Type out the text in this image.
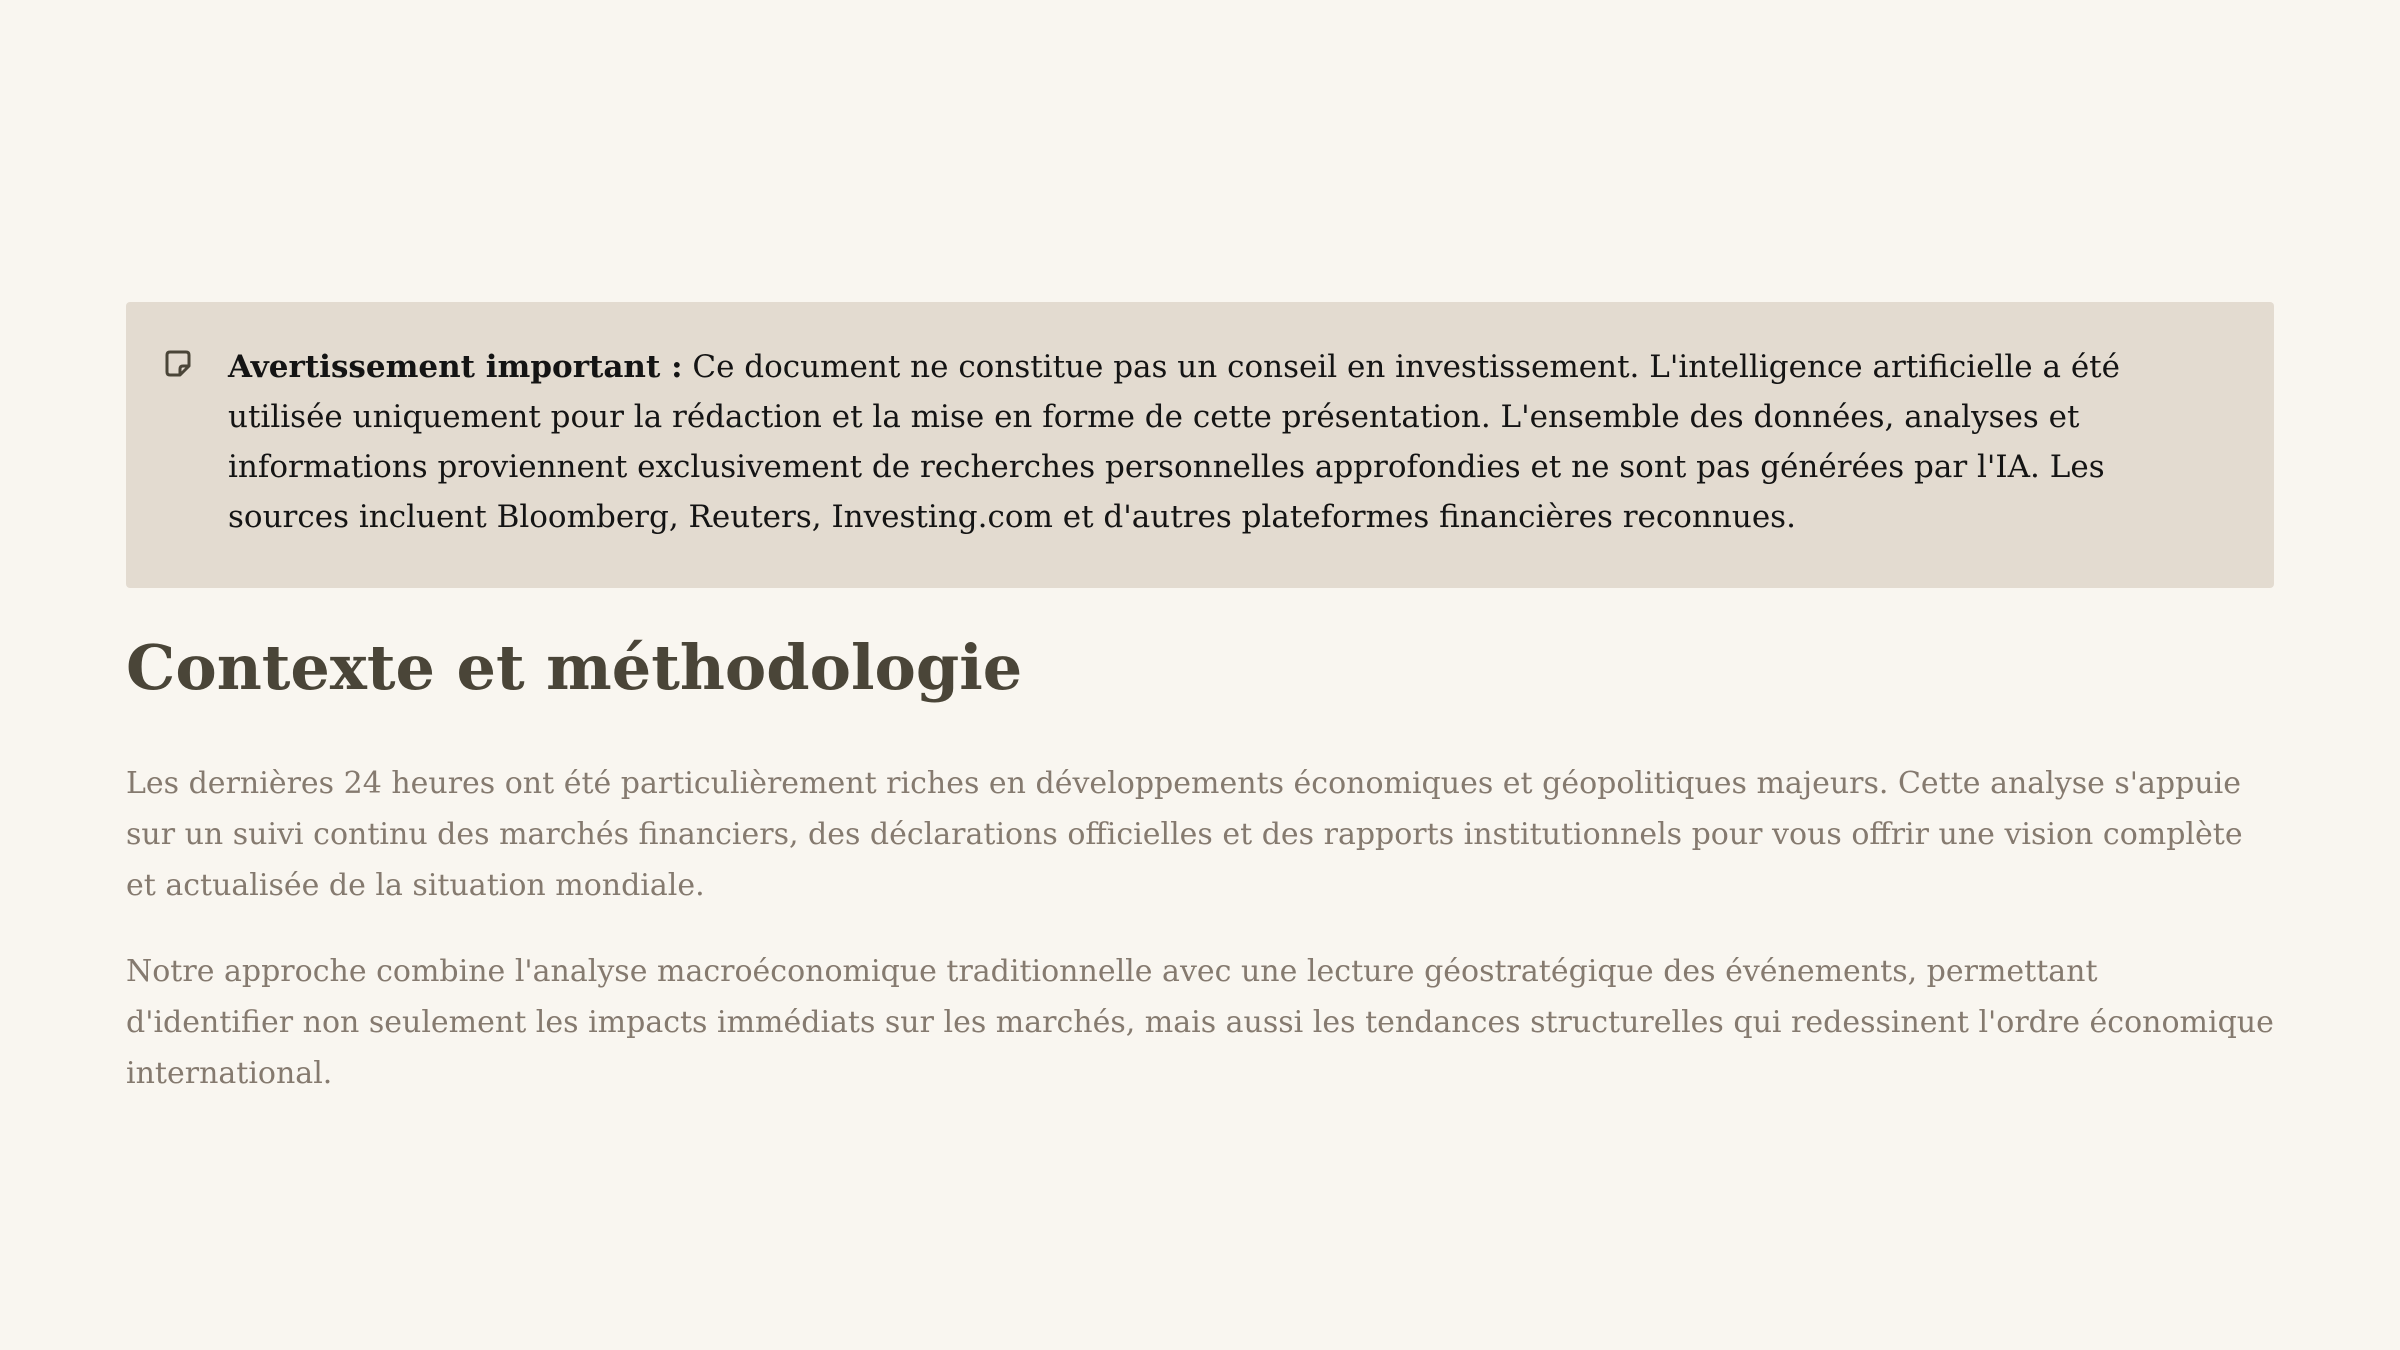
Avertissement important : Ce document ne constitue pas un conseil en investissement. L'intelligence artificielle a été utilisée uniquement pour la rédaction et la mise en forme de cette présentation. L'ensemble des données, analyses et informations proviennent exclusivement de recherches personnelles approfondies et ne sont pas générées par l'IA. Les sources incluent Bloomberg, Reuters, Investing.com et d'autres plateformes financières reconnues.

Contexte et méthodologie

Les dernières 24 heures ont été particulièrement riches en développements économiques et géopolitiques majeurs. Cette analyse s'appuie sur un suivi continu des marchés financiers, des déclarations officielles et des rapports institutionnels pour vous offrir une vision complète et actualisée de la situation mondiale.

Notre approche combine l'analyse macroéconomique traditionnelle avec une lecture géostratégique des événements, permettant d'identifier non seulement les impacts immédiats sur les marchés, mais aussi les tendances structurelles qui redessinent l'ordre économique international.
